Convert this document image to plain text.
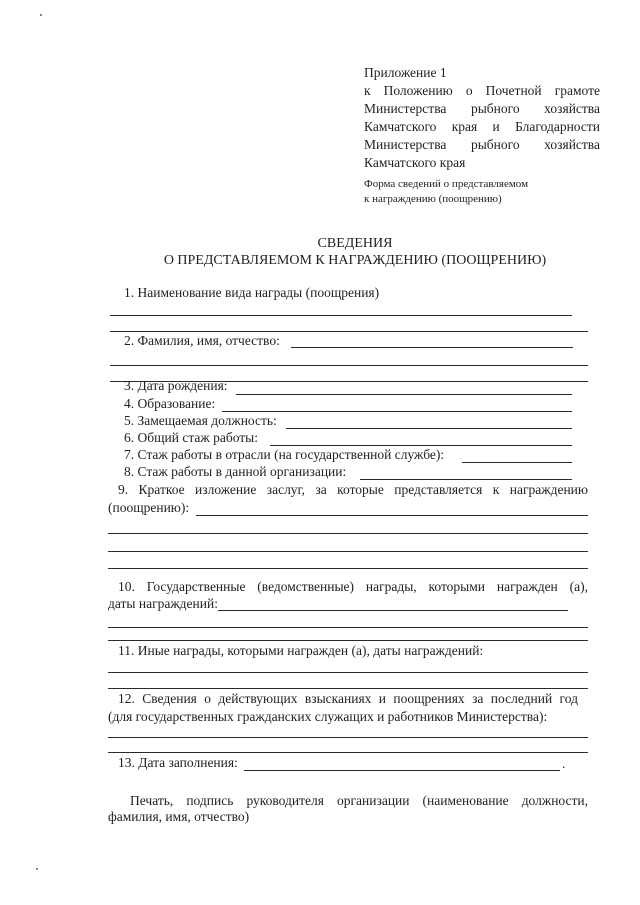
Приложение 1
к Положению о Почетной грамоте
Министерства рыбного хозяйства
Камчатского края и Благодарности
Министерства рыбного хозяйства
Камчатского края
Форма сведений о представляемом
к награждению (поощрению)
СВЕДЕНИЯ
О ПРЕДСТАВЛЯЕМОМ К НАГРАЖДЕНИЮ (ПООЩРЕНИЮ)
1. Наименование вида награды (поощрения)
2. Фамилия, имя, отчество:
3. Дата рождения:
4. Образование:
5. Замещаемая должность:
6. Общий стаж работы:
7. Стаж работы в отрасли (на государственной службе):
8. Стаж работы в данной организации:
9. Краткое изложение заслуг, за которые представляется к награждению
(поощрению):
10. Государственные (ведомственные) награды, которыми награжден (а),
даты награждений:
11. Иные награды, которыми награжден (а), даты награждений:
12. Сведения о действующих взысканиях и поощрениях за последний год
(для государственных гражданских служащих и работников Министерства):
13. Дата заполнения:	.
Печать, подпись руководителя организации (наименование должности,
фамилия, имя, отчество)
